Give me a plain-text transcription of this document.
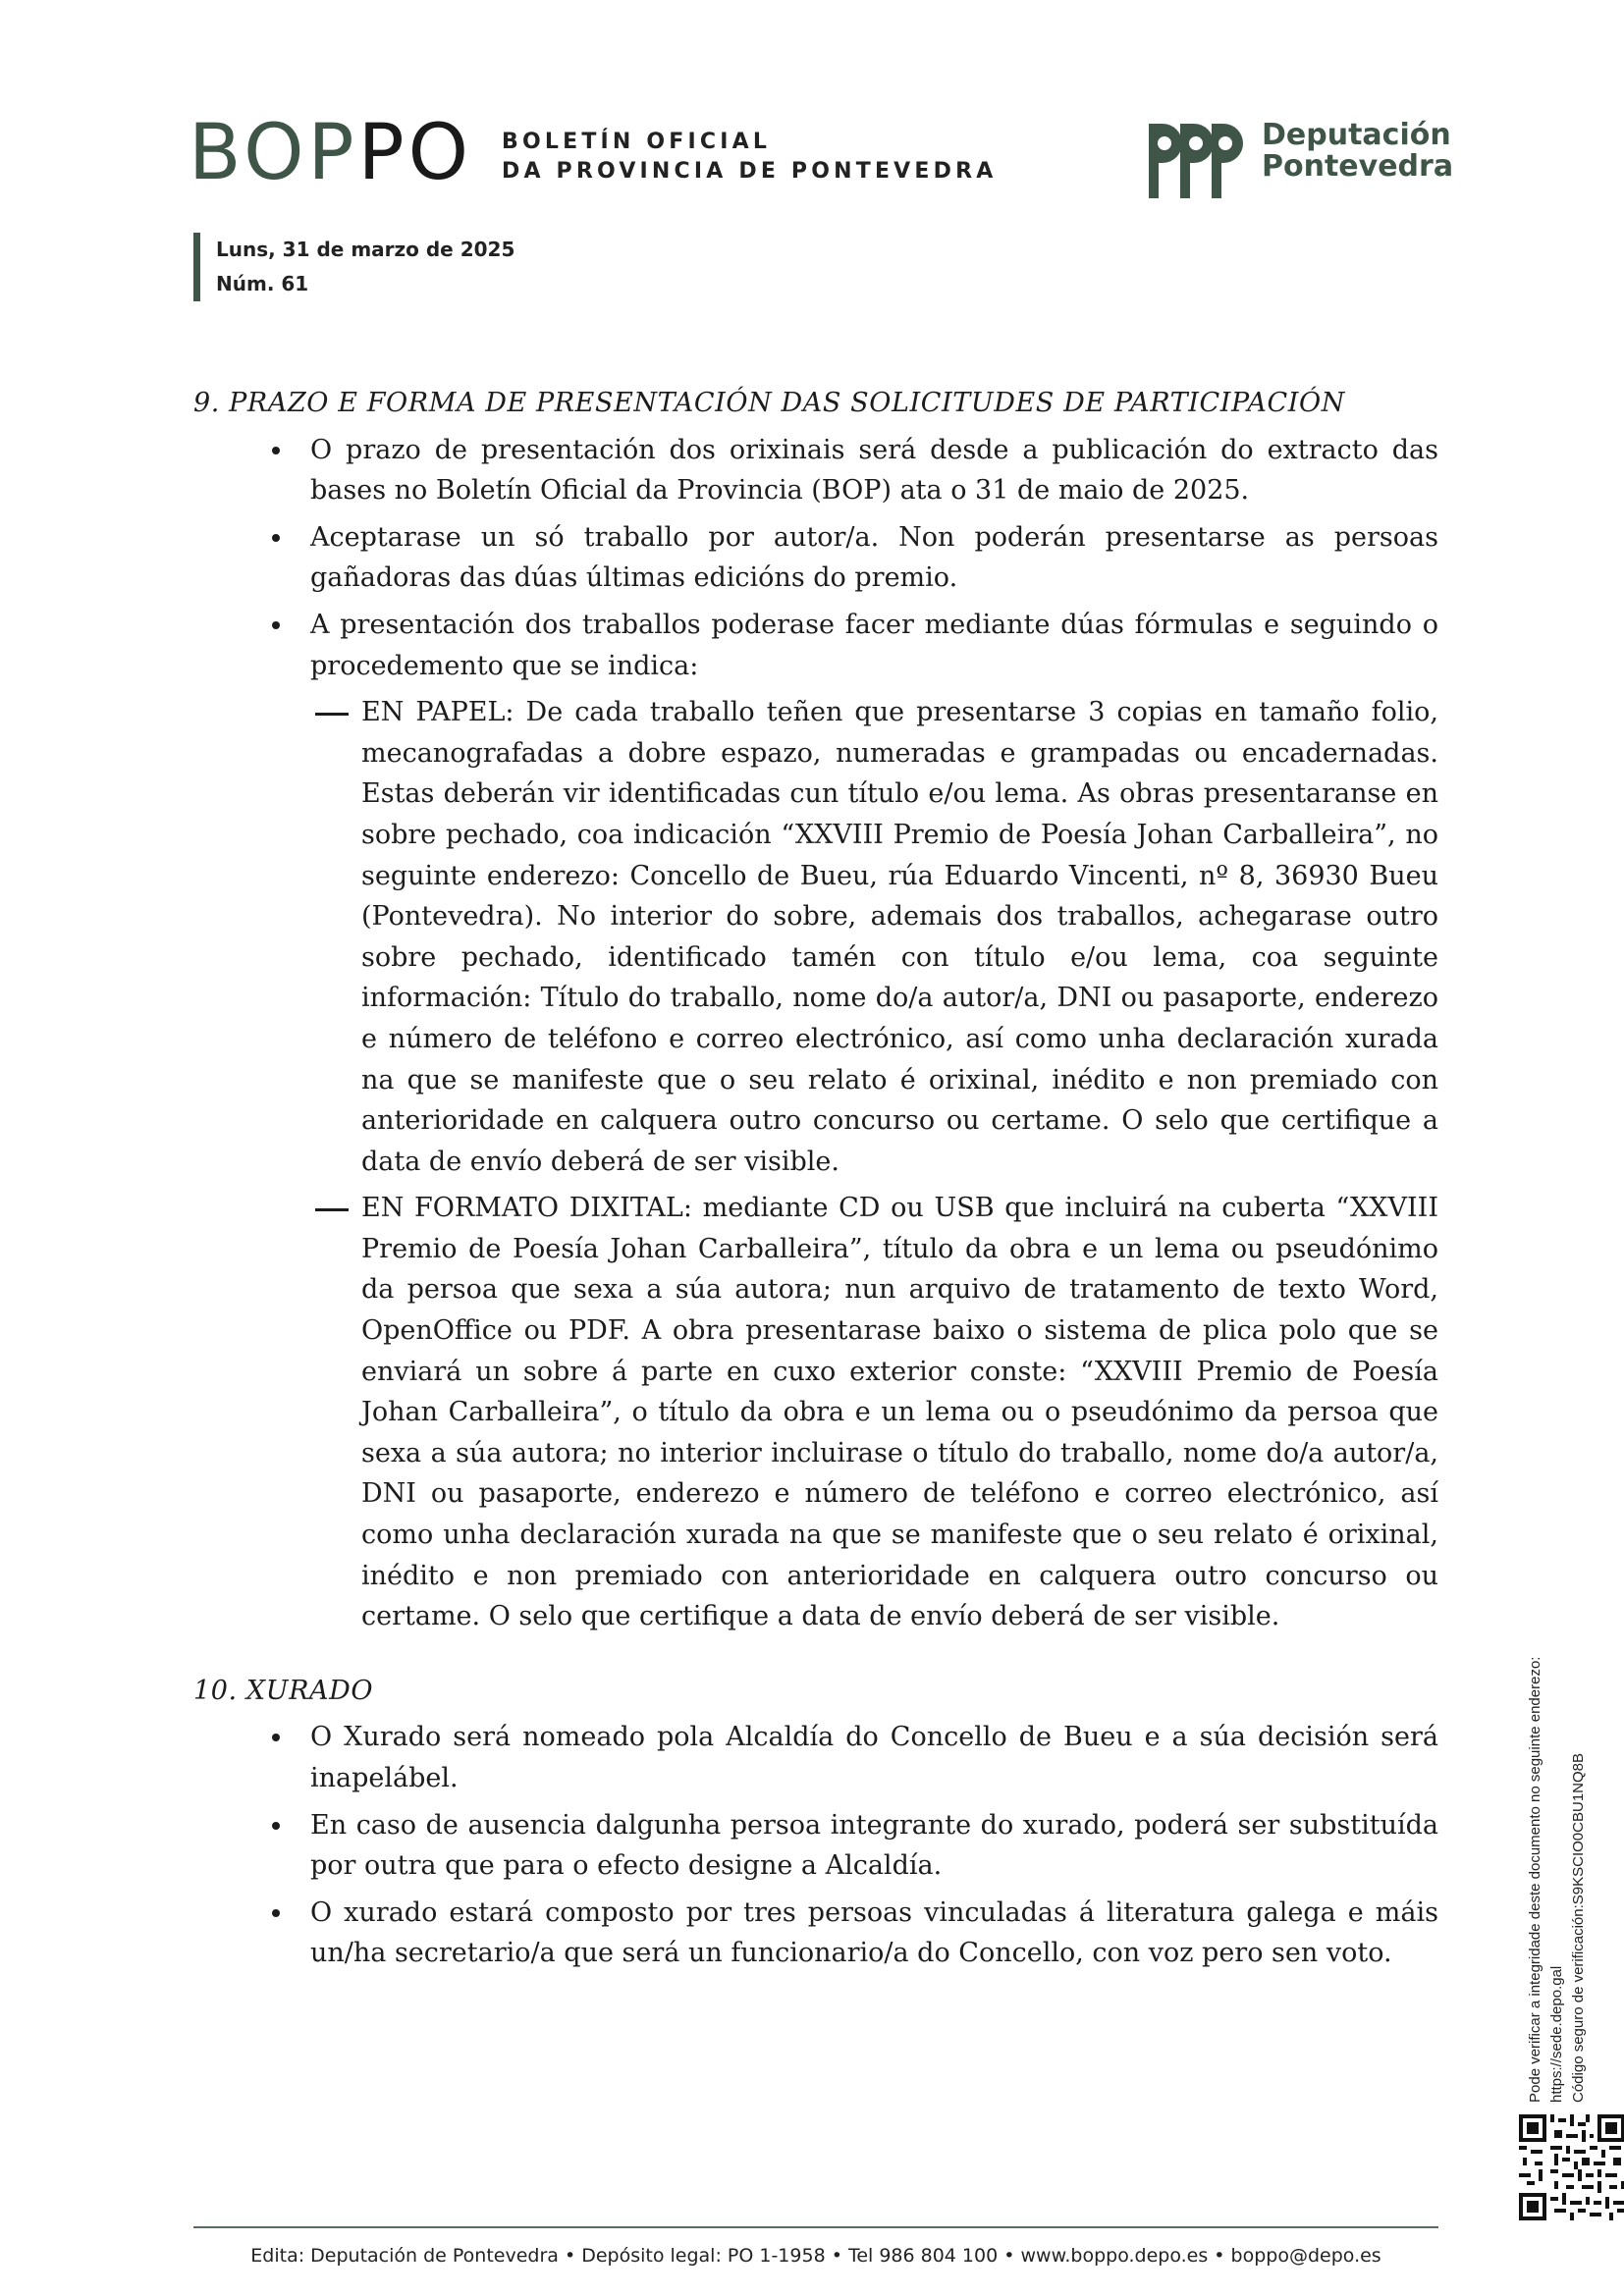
BOPPO BOLETÍN OFICIAL
DA PROVINCIA DE PONTEVEDRA
Deputación
Pontevedra
Luns, 31 de marzo de 2025
Núm. 61

9. PRAZO E FORMA DE PRESENTACIÓN DAS SOLICITUDES DE PARTICIPACIÓN

O prazo de presentación dos orixinais será desde a publicación do extracto das bases no Boletín Oficial da Provincia (BOP) ata o 31 de maio de 2025.
Aceptarase un só traballo por autor/a. Non poderán presentarse as persoas gañadoras das dúas últimas edicións do premio.
A presentación dos traballos poderase facer mediante dúas fórmulas e seguindo o procedemento que se indica:
EN PAPEL: De cada traballo teñen que presentarse 3 copias en tamaño folio, mecanografadas a dobre espazo, numeradas e grampadas ou encadernadas. Estas deberán vir identificadas cun título e/ou lema. As obras presentaranse en sobre pechado, coa indicación “XXVIII Premio de Poesía Johan Carballeira”, no seguinte enderezo: Concello de Bueu, rúa Eduardo Vincenti, nº 8, 36930 Bueu (Pontevedra). No interior do sobre, ademais dos traballos, achegarase outro sobre pechado, identificado tamén con título e/ou lema, coa seguinte información: Título do traballo, nome do/a autor/a, DNI ou pasaporte, enderezo e número de teléfono e correo electrónico, así como unha declaración xurada na que se manifeste que o seu relato é orixinal, inédito e non premiado con anterioridade en calquera outro concurso ou certame. O selo que certifique a data de envío deberá de ser visible.
EN FORMATO DIXITAL: mediante CD ou USB que incluirá na cuberta “XXVIII Premio de Poesía Johan Carballeira”, título da obra e un lema ou pseudónimo da persoa que sexa a súa autora; nun arquivo de tratamento de texto Word, OpenOffice ou PDF. A obra presentarase baixo o sistema de plica polo que se enviará un sobre á parte en cuxo exterior conste: “XXVIII Premio de Poesía Johan Carballeira”, o título da obra e un lema ou o pseudónimo da persoa que sexa a súa autora; no interior incluirase o título do traballo, nome do/a autor/a, DNI ou pasaporte, enderezo e número de teléfono e correo electrónico, así como unha declaración xurada na que se manifeste que o seu relato é orixinal, inédito e non premiado con anterioridade en calquera outro concurso ou certame. O selo que certifique a data de envío deberá de ser visible.

10. XURADO

O Xurado será nomeado pola Alcaldía do Concello de Bueu e a súa decisión será inapelábel.
En caso de ausencia dalgunha persoa integrante do xurado, poderá ser substituída por outra que para o efecto designe a Alcaldía.
O xurado estará composto por tres persoas vinculadas á literatura galega e máis un/ha secretario/a que será un funcionario/a do Concello, con voz pero sen voto.	Pode verificar a integridade deste documento no seguinte enderezo: https://sede.depo.gal Código seguro de verificación:S9KSCIO0CBU1NQ8B
Edita: Deputación de Pontevedra • Depósito legal: PO 1-1958 • Tel 986 804 100 • www.boppo.depo.es • boppo@depo.es
